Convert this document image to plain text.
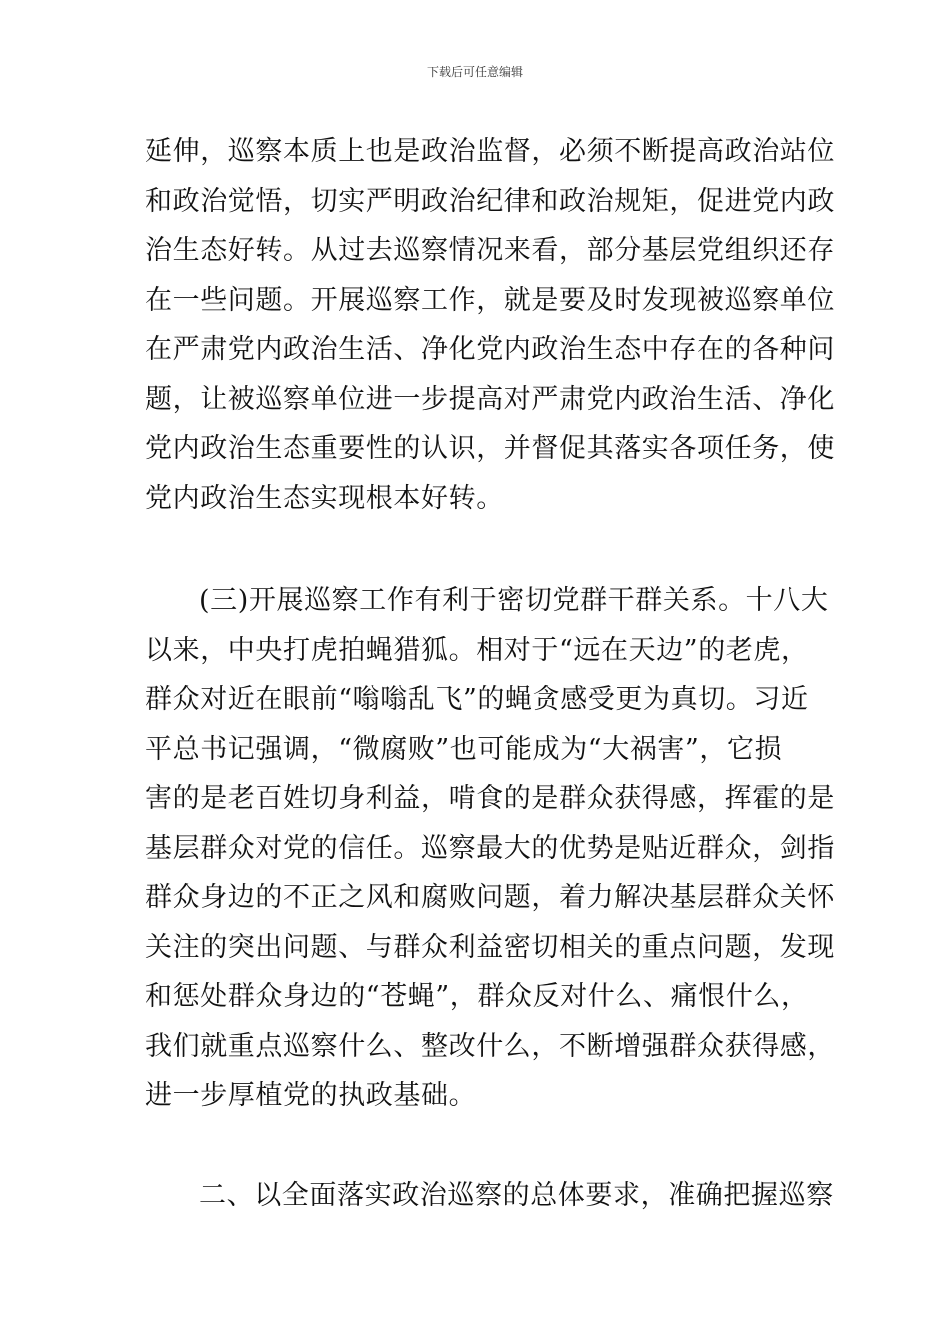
下载后可任意编辑

延伸，巡察本质上也是政治监督，必须不断提高政治站位
和政治觉悟，切实严明政治纪律和政治规矩，促进党内政
治生态好转。从过去巡察情况来看，部分基层党组织还存
在一些问题。开展巡察工作，就是要及时发现被巡察单位
在严肃党内政治生活、净化党内政治生态中存在的各种问
题，让被巡察单位进一步提高对严肃党内政治生活、净化
党内政治生态重要性的认识，并督促其落实各项任务，使
党内政治生态实现根本好转。

(三)开展巡察工作有利于密切党群干群关系。十八大
以来，中央打虎拍蝇猎狐。相对于“远在天边”的老虎，
群众对近在眼前“嗡嗡乱飞”的蝇贪感受更为真切。习近
平总书记强调，“微腐败”也可能成为“大祸害”，它损
害的是老百姓切身利益，啃食的是群众获得感，挥霍的是
基层群众对党的信任。巡察最大的优势是贴近群众，剑指
群众身边的不正之风和腐败问题，着力解决基层群众关怀
关注的突出问题、与群众利益密切相关的重点问题，发现
和惩处群众身边的“苍蝇”，群众反对什么、痛恨什么，
我们就重点巡察什么、整改什么，不断增强群众获得感，
进一步厚植党的执政基础。

二、以全面落实政治巡察的总体要求，准确把握巡察
